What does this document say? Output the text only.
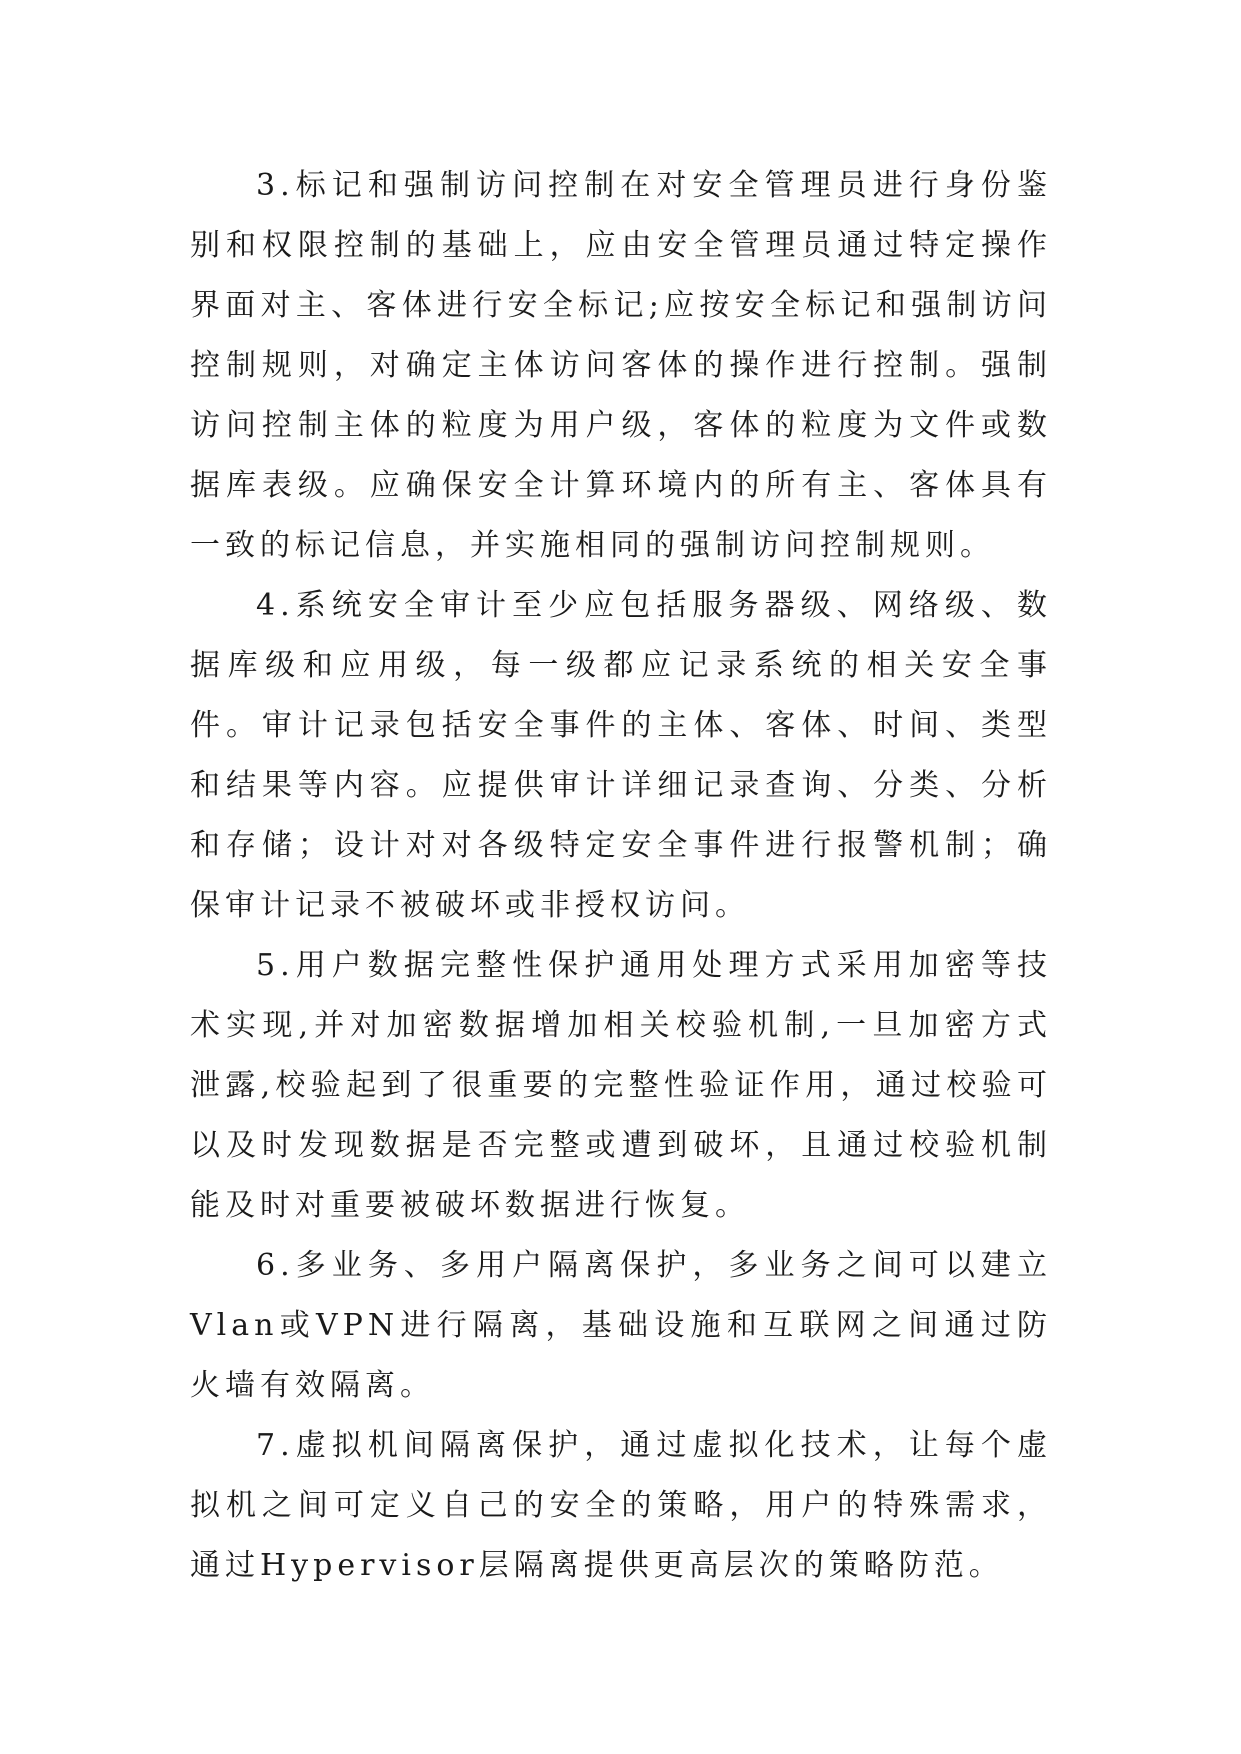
3.标记和强制访问控制在对安全管理员进行身份鉴别和权限控制的基础上，应由安全管理员通过特定操作界面对主、客体进行安全标记;应按安全标记和强制访问控制规则，对确定主体访问客体的操作进行控制。强制访问控制主体的粒度为用户级，客体的粒度为文件或数据库表级。应确保安全计算环境内的所有主、客体具有一致的标记信息，并实施相同的强制访问控制规则。

4.系统安全审计至少应包括服务器级、网络级、数据库级和应用级，每一级都应记录系统的相关安全事件。审计记录包括安全事件的主体、客体、时间、类型和结果等内容。应提供审计详细记录查询、分类、分析和存储；设计对对各级特定安全事件进行报警机制；确保审计记录不被破坏或非授权访问。

5.用户数据完整性保护通用处理方式采用加密等技术实现,并对加密数据增加相关校验机制,一旦加密方式泄露,校验起到了很重要的完整性验证作用，通过校验可以及时发现数据是否完整或遭到破坏，且通过校验机制能及时对重要被破坏数据进行恢复。

6.多业务、多用户隔离保护，多业务之间可以建立Vlan或VPN进行隔离，基础设施和互联网之间通过防火墙有效隔离。

7.虚拟机间隔离保护，通过虚拟化技术，让每个虚拟机之间可定义自己的安全的策略，用户的特殊需求，通过Hypervisor层隔离提供更高层次的策略防范。
